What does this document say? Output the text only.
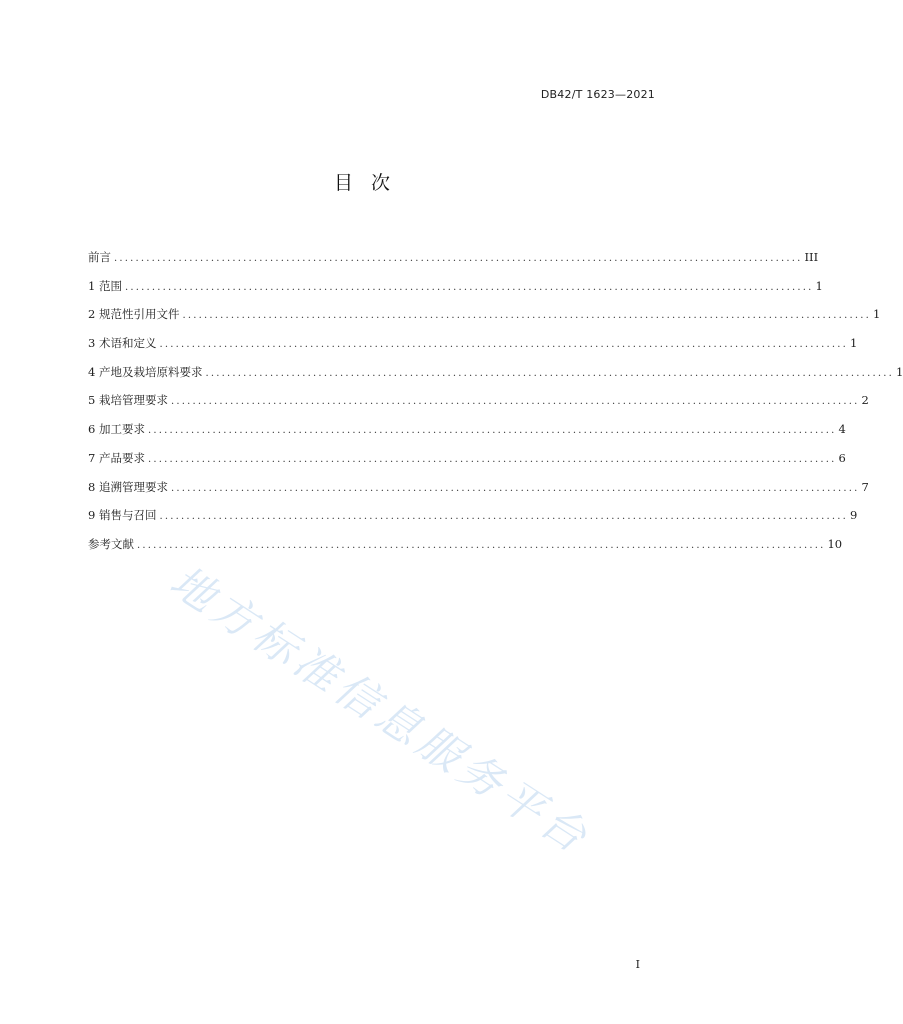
DB42/T 1623—2021
目次
前言 ................................................................................................................................ III
1 范围 ................................................................................................................................ 1
2 规范性引用文件 ................................................................................................................................ 1
3 术语和定义 ................................................................................................................................ 1
4 产地及栽培原料要求 ................................................................................................................................ 1
5 栽培管理要求 ................................................................................................................................ 2
6 加工要求 ................................................................................................................................ 4
7 产品要求 ................................................................................................................................ 6
8 追溯管理要求 ................................................................................................................................ 7
9 销售与召回 ................................................................................................................................ 9
参考文献 ................................................................................................................................ 10
地方标准信息服务平台
I
